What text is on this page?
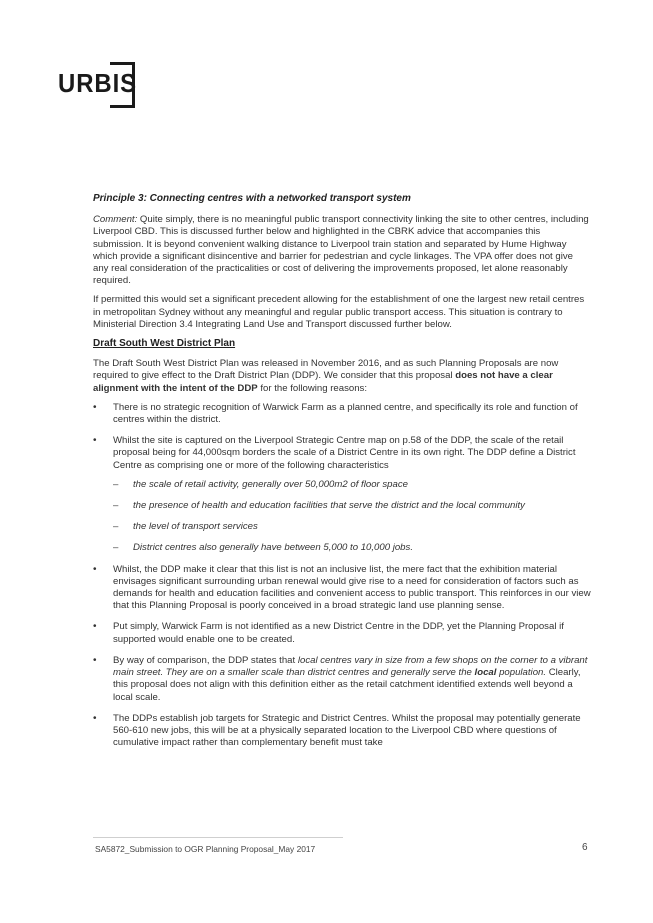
URBIS

Principle 3: Connecting centres with a networked transport system

Comment: Quite simply, there is no meaningful public transport connectivity linking the site to other centres, including Liverpool CBD. This is discussed further below and highlighted in the CBRK advice that accompanies this submission. It is beyond convenient walking distance to Liverpool train station and separated by Hume Highway which provide a significant disincentive and barrier for pedestrian and cycle linkages. The VPA offer does not give any real consideration of the practicalities or cost of delivering the improvements proposed, let alone reasonably required.

If permitted this would set a significant precedent allowing for the establishment of one the largest new retail centres in metropolitan Sydney without any meaningful and regular public transport access. This situation is contrary to Ministerial Direction 3.4 Integrating Land Use and Transport discussed further below.

Draft South West District Plan

The Draft South West District Plan was released in November 2016, and as such Planning Proposals are now required to give effect to the Draft District Plan (DDP). We consider that this proposal does not have a clear alignment with the intent of the DDP for the following reasons:

• There is no strategic recognition of Warwick Farm as a planned centre, and specifically its role and function of centres within the district.
• Whilst the site is captured on the Liverpool Strategic Centre map on p.58 of the DDP, the scale of the retail proposal being for 44,000sqm borders the scale of a District Centre in its own right. The DDP define a District Centre as comprising one or more of the following characteristics
– the scale of retail activity, generally over 50,000m2 of floor space
– the presence of health and education facilities that serve the district and the local community
– the level of transport services
– District centres also generally have between 5,000 to 10,000 jobs.
• Whilst, the DDP make it clear that this list is not an inclusive list, the mere fact that the exhibition material envisages significant surrounding urban renewal would give rise to a need for consideration of factors such as demands for health and education facilities and convenient access to public transport. This reinforces in our view that this Planning Proposal is poorly conceived in a broad strategic land use planning sense.
• Put simply, Warwick Farm is not identified as a new District Centre in the DDP, yet the Planning Proposal if supported would enable one to be created.
• By way of comparison, the DDP states that local centres vary in size from a few shops on the corner to a vibrant main street. They are on a smaller scale than district centres and generally serve the local population. Clearly, this proposal does not align with this definition either as the retail catchment identified extends well beyond a local scale.
• The DDPs establish job targets for Strategic and District Centres. Whilst the proposal may potentially generate 560-610 new jobs, this will be at a physically separated location to the Liverpool CBD where questions of cumulative impact rather than complementary benefit must take
SA5872_Submission to OGR Planning Proposal_May 2017	6
